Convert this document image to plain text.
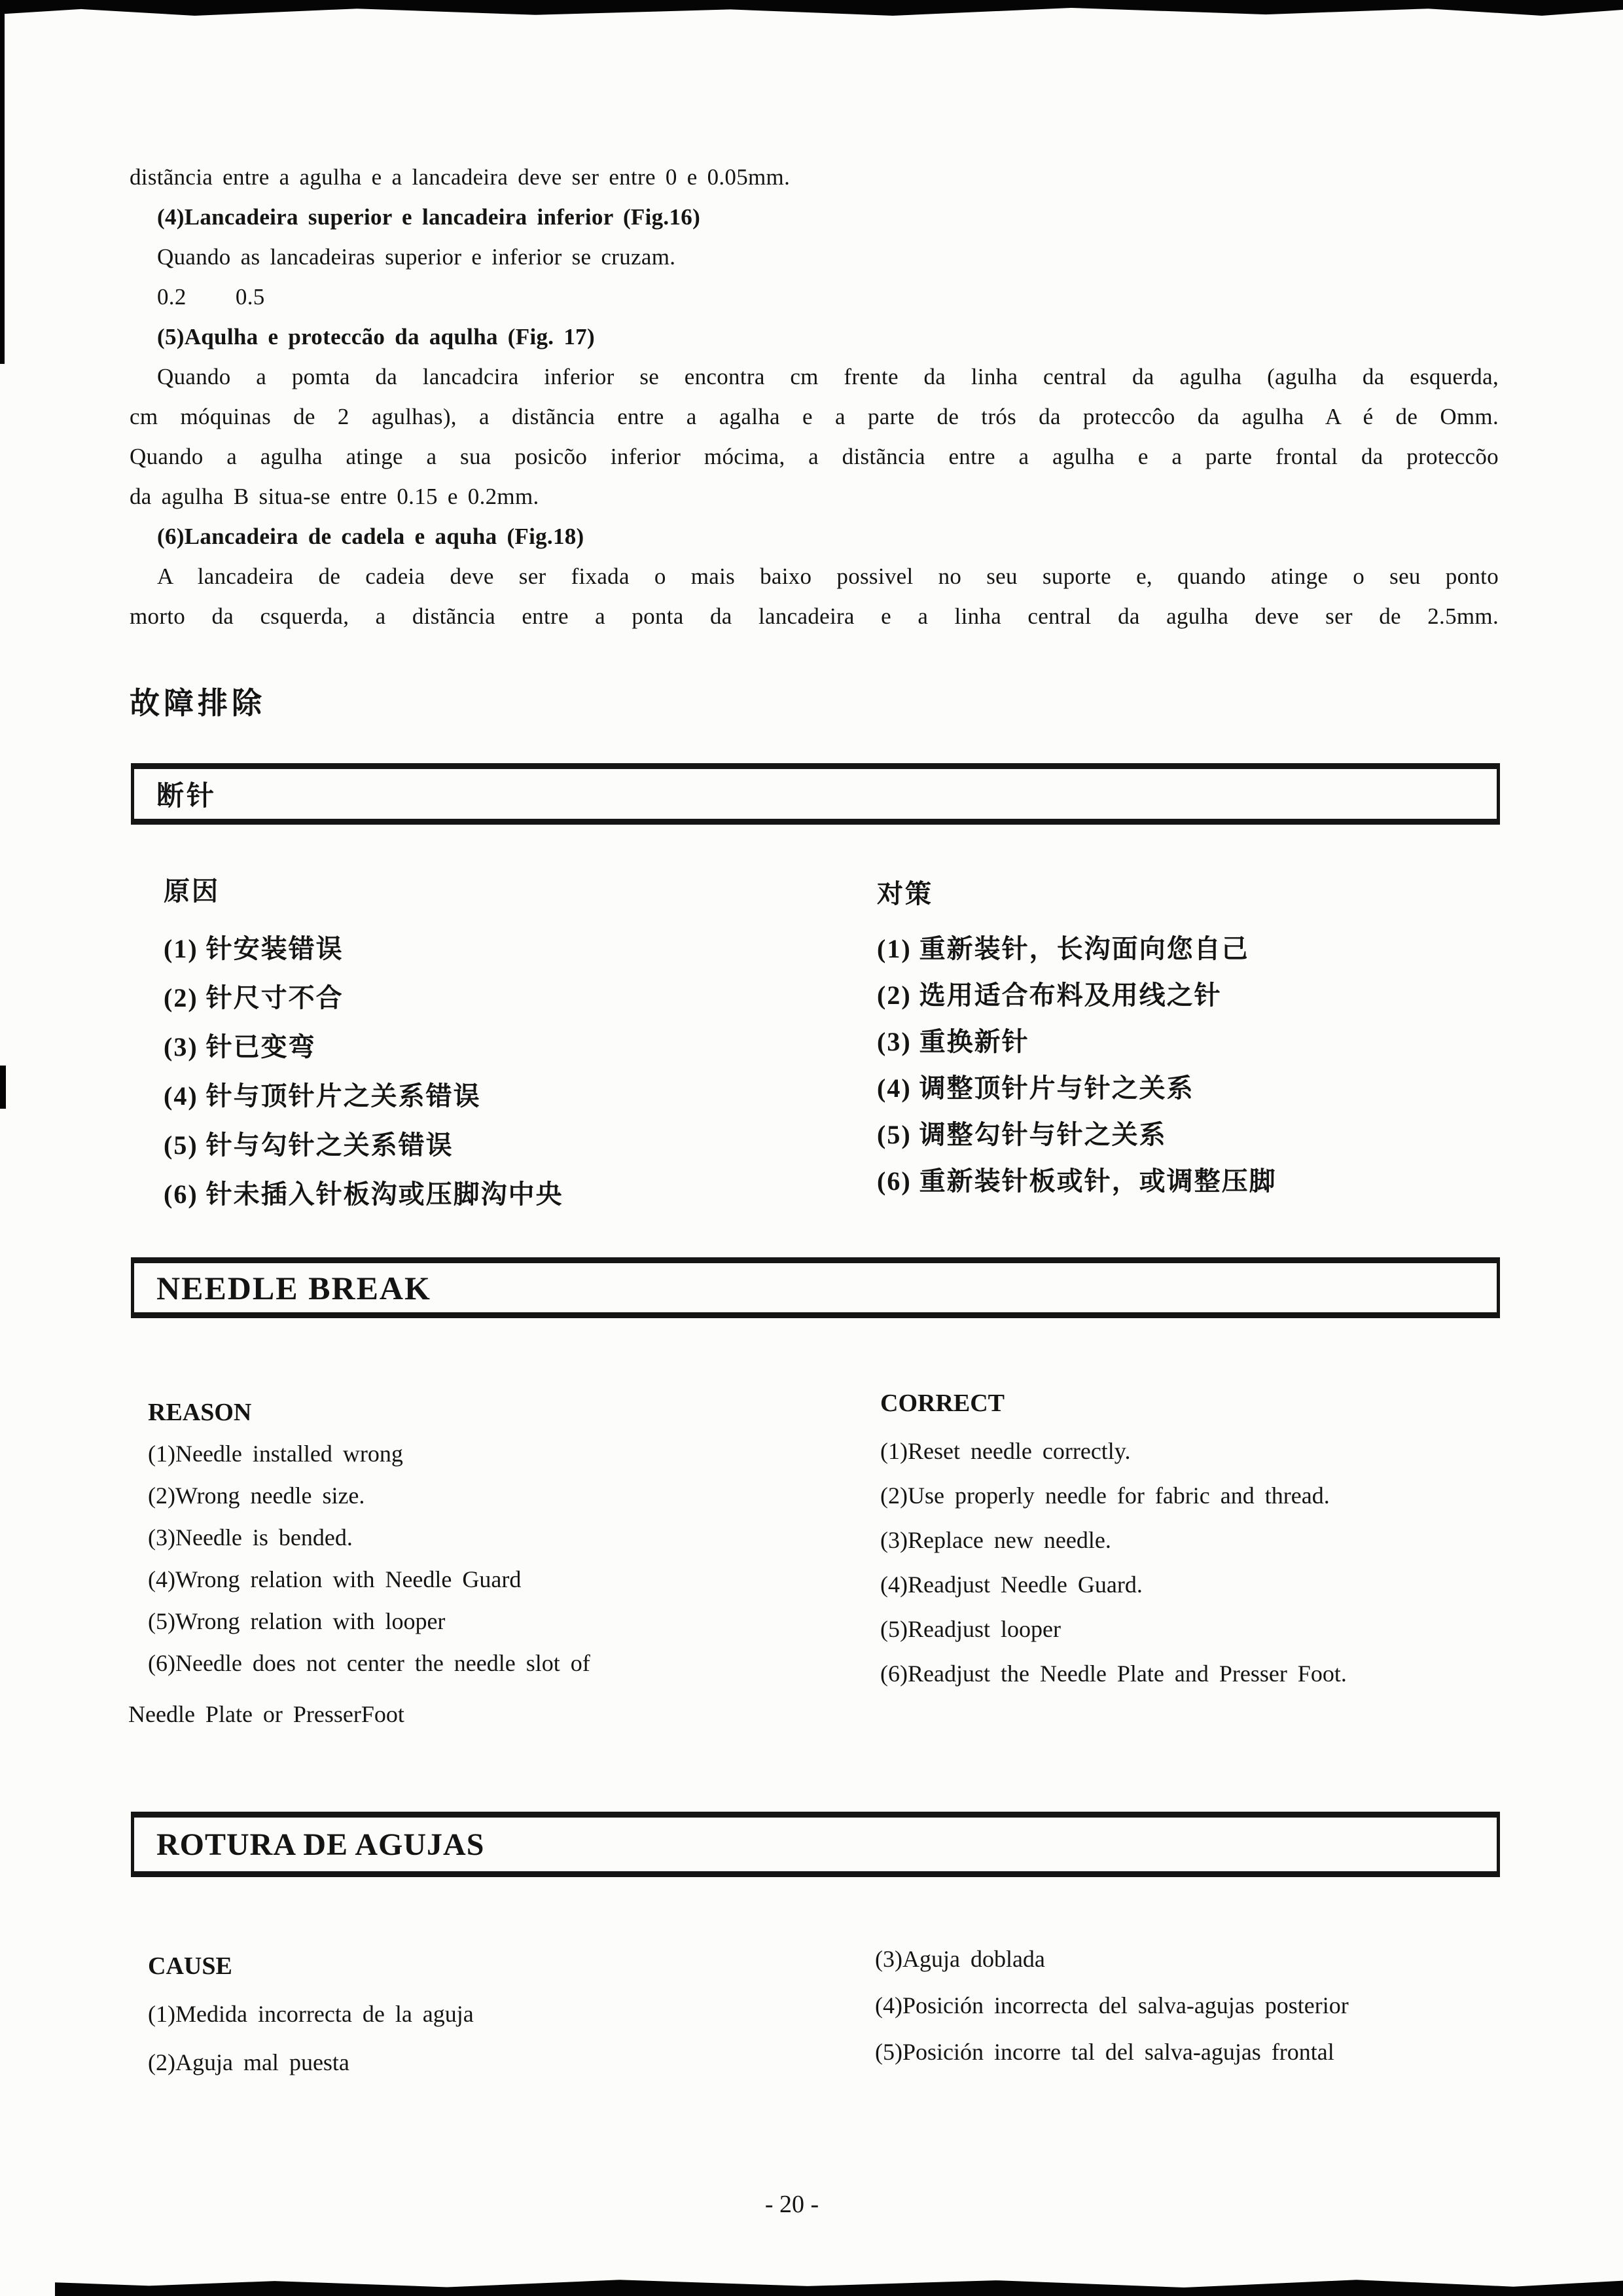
distãncia entre a agulha e a lancadeira deve ser entre 0 e 0.05mm.
(4)Lancadeira superior e lancadeira inferior (Fig.16)
Quando as lancadeiras superior e inferior se cruzam.
0.2     0.5
(5)Aqulha e proteccão da aqulha (Fig. 17)
Quando a pomta da lancadcira inferior se encontra cm frente da linha central da agulha (agulha da esquerda,
cm móquinas de 2 agulhas), a distãncia entre a agalha e a parte de trós da proteccôo da agulha A é de Omm.
Quando a agulha atinge a sua posicõo inferior mócima, a distãncia entre a agulha e a parte frontal da proteccõo
da agulha B situa-se entre 0.15 e 0.2mm.
(6)Lancadeira de cadela e aquha (Fig.18)
A lancadeira de cadeia deve ser fixada o mais baixo possivel no seu suporte e, quando atinge o seu ponto
morto da csquerda, a distãncia entre a ponta da lancadeira e a linha central da agulha deve ser de 2.5mm.
故障排除
断针
原因	对策
(1) 针安装错误
(2) 针尺寸不合
(3) 针已变弯
(4) 针与顶针片之关系错误
(5) 针与勾针之关系错误
(6) 针未插入针板沟或压脚沟中央
(1) 重新装针，长沟面向您自己
(2) 选用适合布料及用线之针
(3) 重换新针
(4) 调整顶针片与针之关系
(5) 调整勾针与针之关系
(6) 重新装针板或针，或调整压脚
NEEDLE BREAK
REASON	CORRECT
(1)Needle installed wrong
(2)Wrong needle size.
(3)Needle is bended.
(4)Wrong relation with Needle Guard
(5)Wrong relation with looper
(6)Needle does not center the needle slot of
(1)Reset needle correctly.
(2)Use properly needle for fabric and thread.
(3)Replace new needle.
(4)Readjust Needle Guard.
(5)Readjust looper
(6)Readjust the Needle Plate and Presser Foot.
Needle Plate or PresserFoot
ROTURA DE AGUJAS
CAUSE
(1)Medida incorrecta de la aguja
(2)Aguja mal puesta
(3)Aguja doblada
(4)Posición incorrecta del salva-agujas posterior
(5)Posición incorre tal del salva-agujas frontal
- 20 -
